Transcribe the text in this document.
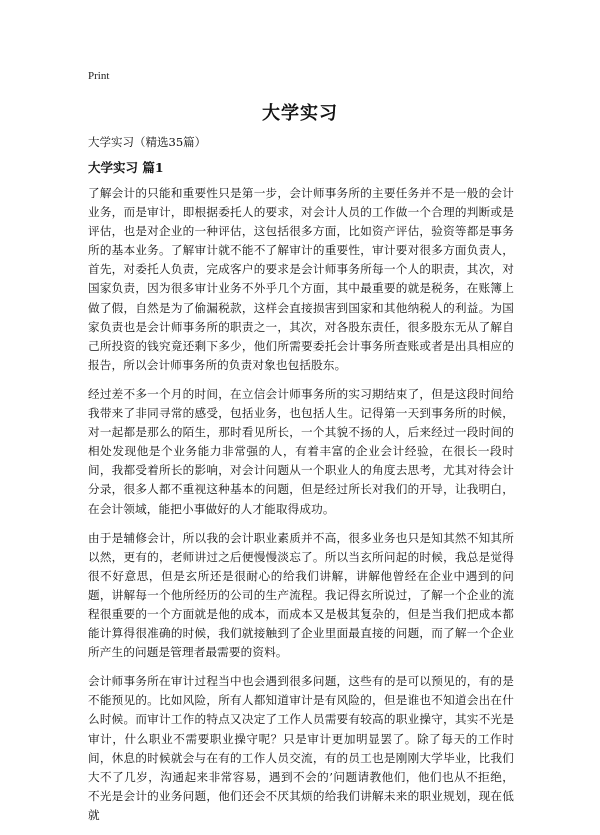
Print
大学实习
大学实习（精选35篇）
大学实习 篇1

了解会计的只能和重要性只是第一步，会计师事务所的主要任务并不是一般的会计业务，而是审计，即根据委托人的要求，对会计人员的工作做一个合理的判断或是评估，也是对企业的一种评估，这包括很多方面，比如资产评估，验资等都是事务所的基本业务。了解审计就不能不了解审计的重要性，审计要对很多方面负责人，首先，对委托人负责，完成客户的要求是会计师事务所每一个人的职责，其次，对国家负责，因为很多审计业务不外乎几个方面，其中最重要的就是税务，在账簿上做了假，自然是为了偷漏税款，这样会直接损害到国家和其他纳税人的利益。为国家负责也是会计师事务所的职责之一，其次，对各股东责任，很多股东无从了解自己所投资的钱究竟还剩下多少，他们所需要委托会计事务所查账或者是出具相应的报告，所以会计师事务所的负责对象也包括股东。

经过差不多一个月的时间，在立信会计师事务所的实习期结束了，但是这段时间给我带来了非同寻常的感受，包括业务，也包括人生。记得第一天到事务所的时候，对一起都是那么的陌生，那时看见所长，一个其貌不扬的人，后来经过一段时间的相处发现他是个业务能力非常强的人，有着丰富的企业会计经验，在很长一段时间，我都受着所长的影响，对会计问题从一个职业人的角度去思考，尤其对待会计分录，很多人都不重视这种基本的问题，但是经过所长对我们的开导，让我明白，在会计领域，能把小事做好的人才能取得成功。

由于是辅修会计，所以我的会计职业素质并不高，很多业务也只是知其然不知其所以然，更有的，老师讲过之后便慢慢淡忘了。所以当玄所问起的时候，我总是觉得很不好意思，但是玄所还是很耐心的给我们讲解，讲解他曾经在企业中遇到的问题，讲解每一个他所经历的公司的生产流程。我记得玄所说过，了解一个企业的流程很重要的一个方面就是他的成本，而成本又是极其复杂的，但是当我们把成本都能计算得很准确的时候，我们就接触到了企业里面最直接的问题，而了解一个企业所产生的问题是管理者最需要的资料。

会计师事务所在审计过程当中也会遇到很多问题，这些有的是可以预见的，有的是不能预见的。比如风险，所有人都知道审计是有风险的，但是谁也不知道会出在什么时候。而审计工作的特点又决定了工作人员需要有较高的职业操守，其实不光是审计，什么职业不需要职业操守呢？只是审计更加明显罢了。除了每天的工作时间，休息的时候就会与在有的工作人员交流，有的员工也是刚刚大学毕业，比我们大不了几岁，沟通起来非常容易，遇到不会的’问题请教他们，他们也从不拒绝，不光是会计的业务问题，他们还会不厌其烦的给我们讲解未来的职业规划，现在低就
